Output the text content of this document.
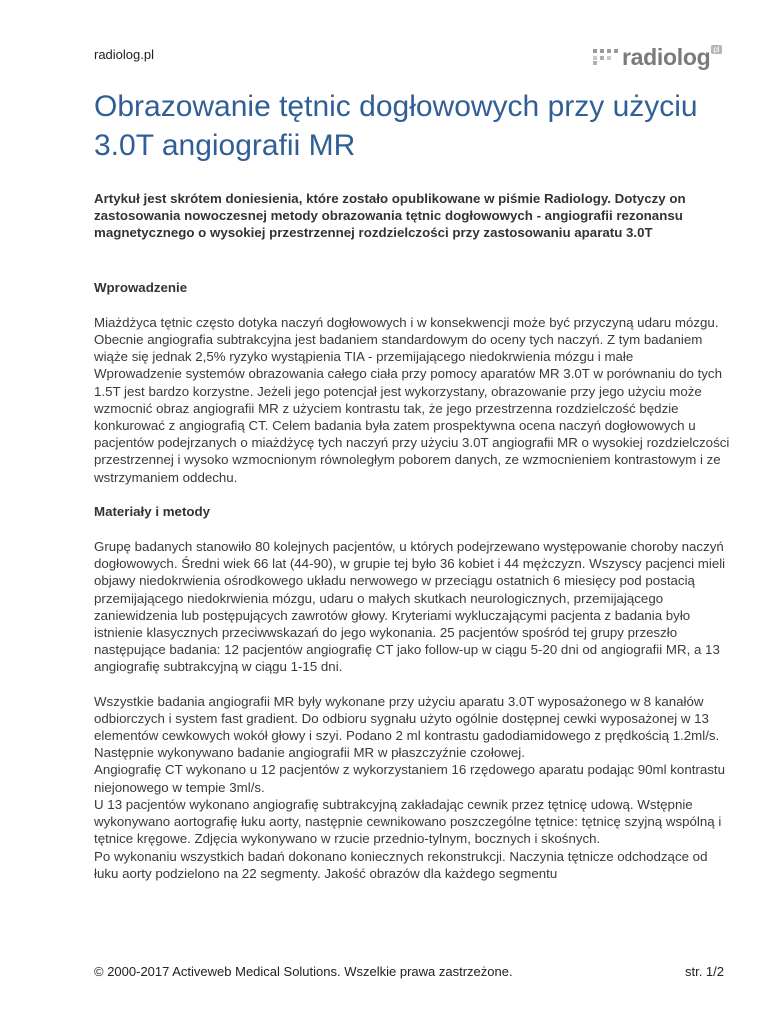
radiolog.pl	radiolog pl
Obrazowanie tętnic dogłowowych przy użyciu 3.0T angiografii MR

Artykuł jest skrótem doniesienia, które zostało opublikowane w piśmie Radiology. Dotyczy on zastosowania nowoczesnej metody obrazowania tętnic dogłowowych - angiografii rezonansu magnetycznego o wysokiej przestrzennej rozdzielczości przy zastosowaniu aparatu 3.0T

Wprowadzenie

Miażdżyca tętnic często dotyka naczyń dogłowowych i w konsekwencji może być przyczyną udaru mózgu. Obecnie angiografia subtrakcyjna jest badaniem standardowym do oceny tych naczyń. Z tym badaniem wiąże się jednak 2,5% ryzyko wystąpienia TIA - przemijającego niedokrwienia mózgu i małe
Wprowadzenie systemów obrazowania całego ciała przy pomocy aparatów MR 3.0T w porównaniu do tych 1.5T jest bardzo korzystne. Jeżeli jego potencjał jest wykorzystany, obrazowanie przy jego użyciu może wzmocnić obraz angiografii MR z użyciem kontrastu tak, że jego przestrzenna rozdzielczość będzie konkurować z angiografią CT. Celem badania była zatem prospektywna ocena naczyń dogłowowych u pacjentów podejrzanych o miażdżycę tych naczyń przy użyciu 3.0T angiografii MR o wysokiej rozdzielczości przestrzennej i wysoko wzmocnionym równoległym poborem danych, ze wzmocnieniem kontrastowym i ze wstrzymaniem oddechu.

Materiały i metody

Grupę badanych stanowiło 80 kolejnych pacjentów, u których podejrzewano występowanie choroby naczyń dogłowowych. Średni wiek 66 lat (44-90), w grupie tej było 36 kobiet i 44 mężczyzn. Wszyscy pacjenci mieli objawy niedokrwienia ośrodkowego układu nerwowego w przeciągu ostatnich 6 miesięcy pod postacią przemijającego niedokrwienia mózgu, udaru o małych skutkach neurologicznych, przemijającego zaniewidzenia lub postępujących zawrotów głowy. Kryteriami wykluczającymi pacjenta z badania było istnienie klasycznych przeciwwskazań do jego wykonania. 25 pacjentów spośród tej grupy przeszło następujące badania: 12 pacjentów angiografię CT jako follow-up w ciągu 5-20 dni od angiografii MR, a 13 angiografię subtrakcyjną w ciągu 1-15 dni.

Wszystkie badania angiografii MR były wykonane przy użyciu aparatu 3.0T wyposażonego w 8 kanałów odbiorczych i system fast gradient. Do odbioru sygnału użyto ogólnie dostępnej cewki wyposażonej w 13 elementów cewkowych wokół głowy i szyi. Podano 2 ml kontrastu gadodiamidowego z prędkością 1.2ml/s. Następnie wykonywano badanie angiografii MR w płaszczyźnie czołowej.
Angiografię CT wykonano u 12 pacjentów z wykorzystaniem 16 rzędowego aparatu podając 90ml kontrastu niejonowego w tempie 3ml/s.
U 13 pacjentów wykonano angiografię subtrakcyjną zakładając cewnik przez tętnicę udową. Wstępnie wykonywano aortografię łuku aorty, następnie cewnikowano poszczególne tętnice: tętnicę szyjną wspólną i tętnice kręgowe. Zdjęcia wykonywano w rzucie przednio-tylnym, bocznych i skośnych.
Po wykonaniu wszystkich badań dokonano koniecznych rekonstrukcji. Naczynia tętnicze odchodzące od łuku aorty podzielono na 22 segmenty. Jakość obrazów dla każdego segmentu

© 2000-2017 Activeweb Medical Solutions. Wszelkie prawa zastrzeżone.	str. 1/2
